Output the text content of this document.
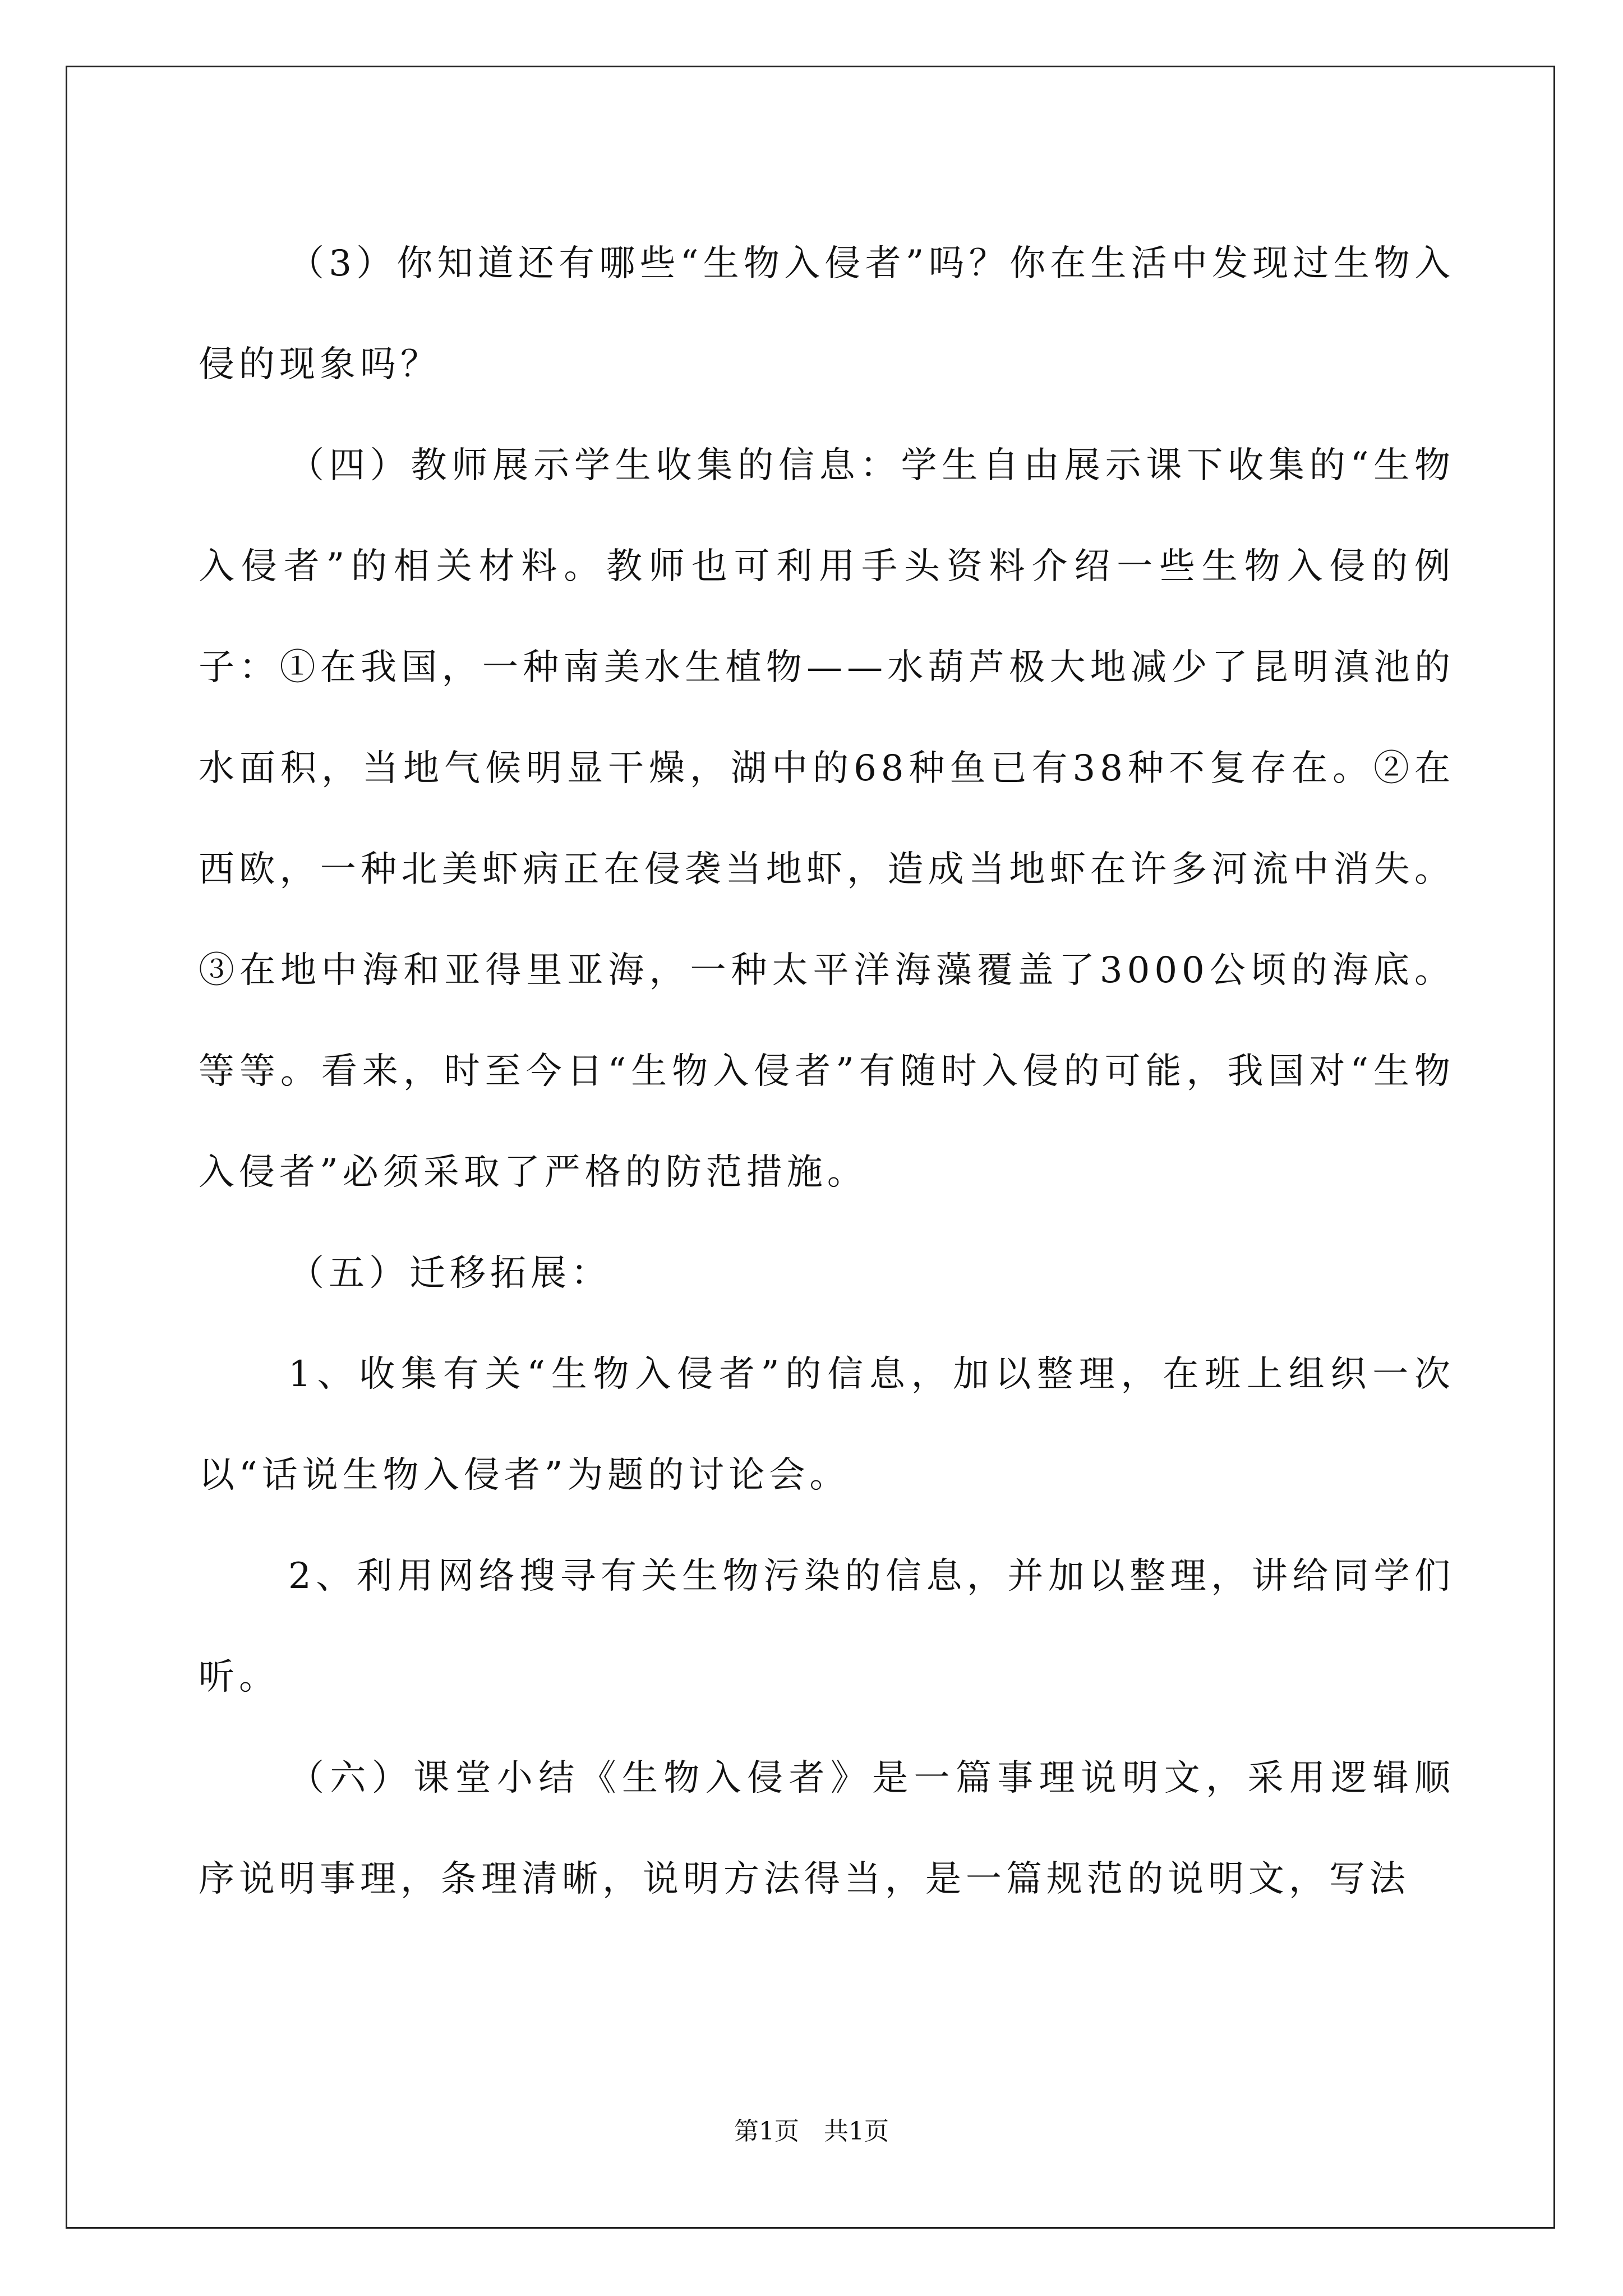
（3）你知道还有哪些“生物入侵者”吗？你在生活中发现过生物入侵的现象吗？

（四）教师展示学生收集的信息：学生自由展示课下收集的“生物入侵者”的相关材料。教师也可利用手头资料介绍一些生物入侵的例子：①在我国，一种南美水生植物——水葫芦极大地减少了昆明滇池的水面积，当地气候明显干燥，湖中的68种鱼已有38种不复存在。②在西欧，一种北美虾病正在侵袭当地虾，造成当地虾在许多河流中消失。③在地中海和亚得里亚海，一种太平洋海藻覆盖了3000公顷的海底。等等。看来，时至今日“生物入侵者”有随时入侵的可能，我国对“生物入侵者”必须采取了严格的防范措施。

（五）迁移拓展：

1、收集有关“生物入侵者”的信息，加以整理，在班上组织一次以“话说生物入侵者”为题的讨论会。

2、利用网络搜寻有关生物污染的信息，并加以整理，讲给同学们听。

（六）课堂小结《生物入侵者》是一篇事理说明文，采用逻辑顺序说明事理，条理清晰，说明方法得当，是一篇规范的说明文，写法

第1页　共1页
